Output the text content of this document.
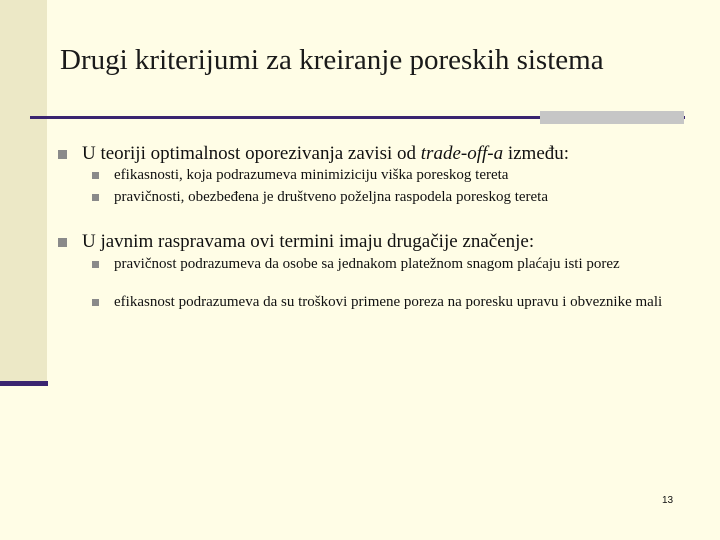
Drugi kriterijumi za kreiranje poreskih sistema
U teoriji optimalnost oporezivanja zavisi od trade-off-a između:
efikasnosti, koja podrazumeva minimiziciju viška poreskog tereta
pravičnosti, obezbeđena je društveno poželjna raspodela poreskog tereta
U javnim raspravama ovi termini imaju drugačije značenje:
pravičnost podrazumeva da osobe sa jednakom platežnom snagom plaćaju isti porez
efikasnost podrazumeva da su troškovi primene poreza na poresku upravu i obveznike mali
13
